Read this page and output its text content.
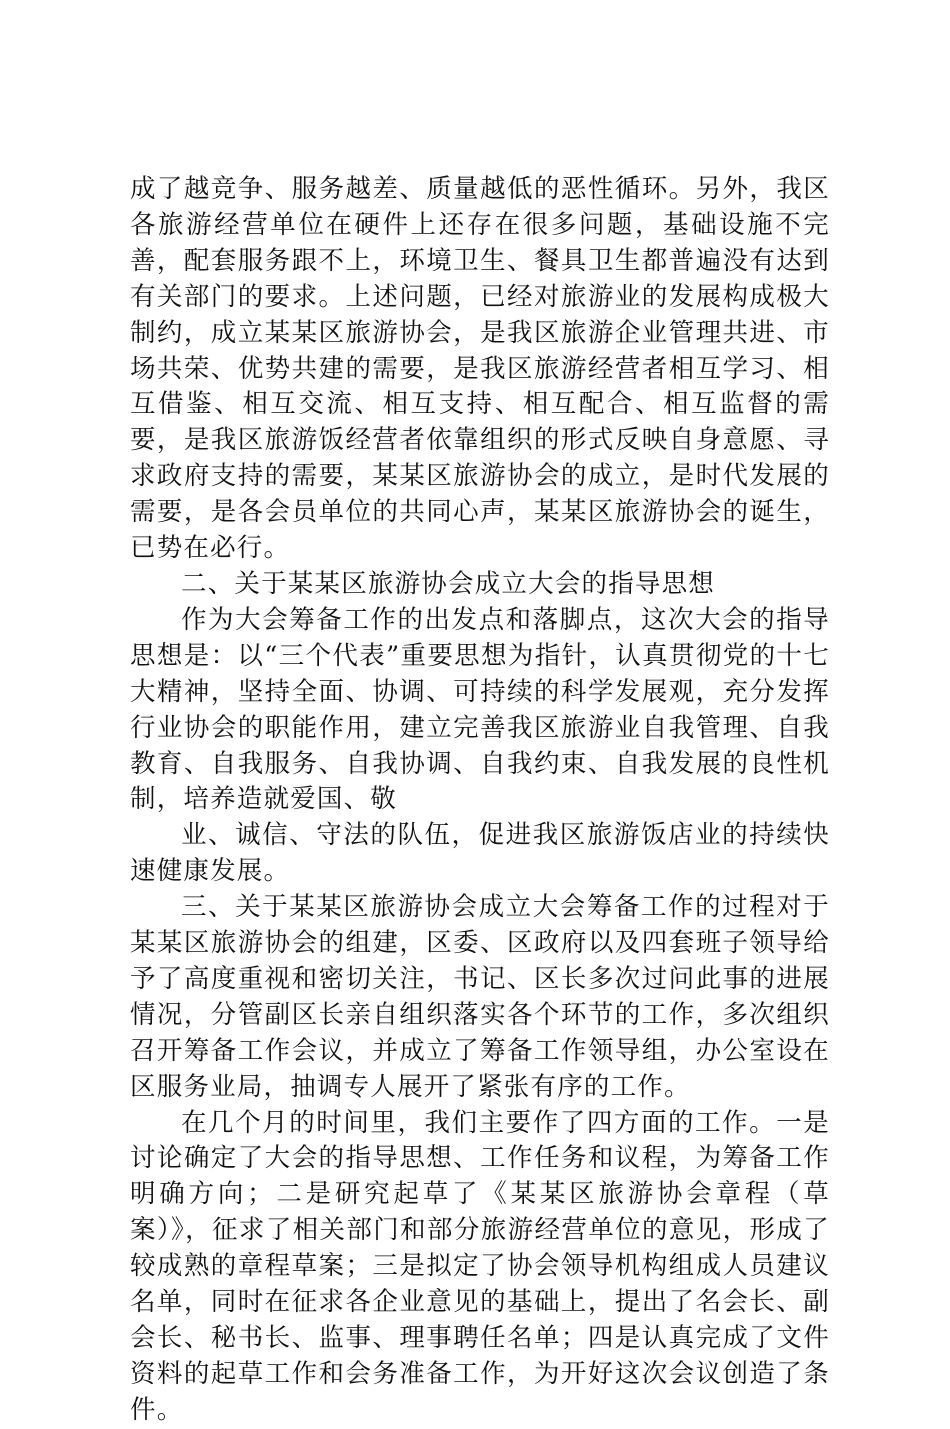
成了越竞争、服务越差、质量越低的恶性循环。另外，我区各旅游经营单位在硬件上还存在很多问题，基础设施不完善，配套服务跟不上，环境卫生、餐具卫生都普遍没有达到有关部门的要求。上述问题，已经对旅游业的发展构成极大制约，成立某某区旅游协会，是我区旅游企业管理共进、市场共荣、优势共建的需要，是我区旅游经营者相互学习、相互借鉴、相互交流、相互支持、相互配合、相互监督的需要，是我区旅游饭经营者依靠组织的形式反映自身意愿、寻求政府支持的需要，某某区旅游协会的成立，是时代发展的需要，是各会员单位的共同心声，某某区旅游协会的诞生，已势在必行。

二、关于某某区旅游协会成立大会的指导思想

作为大会筹备工作的出发点和落脚点，这次大会的指导思想是：以“三个代表”重要思想为指针，认真贯彻党的十七大精神，坚持全面、协调、可持续的科学发展观，充分发挥行业协会的职能作用，建立完善我区旅游业自我管理、自我教育、自我服务、自我协调、自我约束、自我发展的良性机制，培养造就爱国、敬

业、诚信、守法的队伍，促进我区旅游饭店业的持续快速健康发展。

三、关于某某区旅游协会成立大会筹备工作的过程对于某某区旅游协会的组建，区委、区政府以及四套班子领导给予了高度重视和密切关注，书记、区长多次过问此事的进展情况，分管副区长亲自组织落实各个环节的工作，多次组织召开筹备工作会议，并成立了筹备工作领导组，办公室设在区服务业局，抽调专人展开了紧张有序的工作。

在几个月的时间里，我们主要作了四方面的工作。一是讨论确定了大会的指导思想、工作任务和议程，为筹备工作明确方向；二是研究起草了《某某区旅游协会章程（草案）》，征求了相关部门和部分旅游经营单位的意见，形成了较成熟的章程草案；三是拟定了协会领导机构组成人员建议名单，同时在征求各企业意见的基础上，提出了名会长、副会长、秘书长、监事、理事聘任名单；四是认真完成了文件资料的起草工作和会务准备工作，为开好这次会议创造了条件。
